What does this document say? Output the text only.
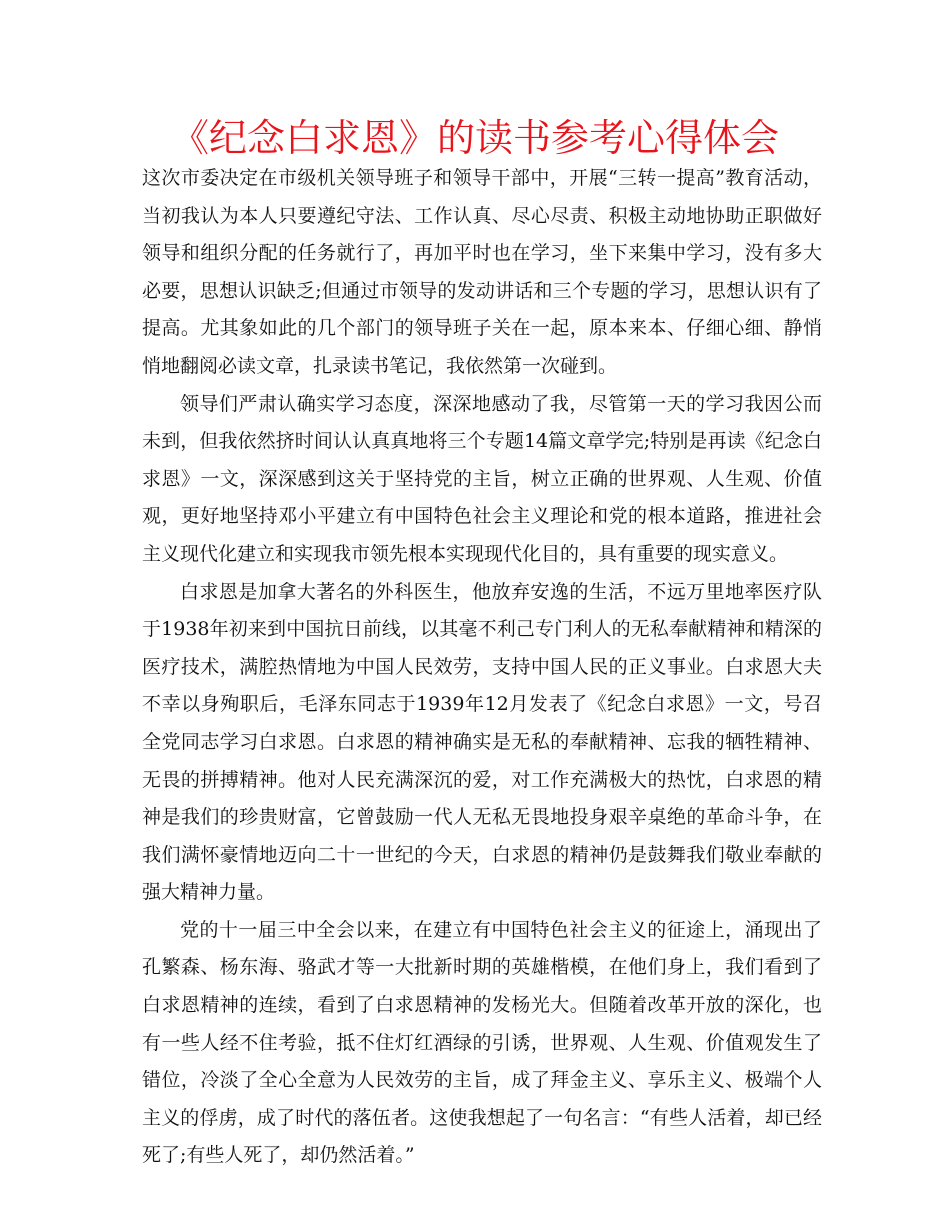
《纪念白求恩》的读书参考心得体会

这次市委决定在市级机关领导班子和领导干部中，开展“三转一提高”教育活动，当初我认为本人只要遵纪守法、工作认真、尽心尽责、积极主动地协助正职做好领导和组织分配的任务就行了，再加平时也在学习，坐下来集中学习，没有多大必要，思想认识缺乏;但通过市领导的发动讲话和三个专题的学习，思想认识有了提高。尤其象如此的几个部门的领导班子关在一起，原本来本、仔细心细、静悄悄地翻阅必读文章，扎录读书笔记，我依然第一次碰到。

领导们严肃认确实学习态度，深深地感动了我，尽管第一天的学习我因公而未到，但我依然挤时间认认真真地将三个专题14篇文章学完;特别是再读《纪念白求恩》一文，深深感到这关于坚持党的主旨，树立正确的世界观、人生观、价值观，更好地坚持邓小平建立有中国特色社会主义理论和党的根本道路，推进社会主义现代化建立和实现我市领先根本实现现代化目的，具有重要的现实意义。

白求恩是加拿大著名的外科医生，他放弃安逸的生活，不远万里地率医疗队于1938年初来到中国抗日前线，以其毫不利己专门利人的无私奉献精神和精深的医疗技术，满腔热情地为中国人民效劳，支持中国人民的正义事业。白求恩大夫不幸以身殉职后，毛泽东同志于1939年12月发表了《纪念白求恩》一文，号召全党同志学习白求恩。白求恩的精神确实是无私的奉献精神、忘我的牺牲精神、无畏的拼搏精神。他对人民充满深沉的爱，对工作充满极大的热忱，白求恩的精神是我们的珍贵财富，它曾鼓励一代人无私无畏地投身艰辛桌绝的革命斗争，在我们满怀豪情地迈向二十一世纪的今天，白求恩的精神仍是鼓舞我们敬业奉献的强大精神力量。

党的十一届三中全会以来，在建立有中国特色社会主义的征途上，涌现出了孔繁森、杨东海、骆武才等一大批新时期的英雄楷模，在他们身上，我们看到了白求恩精神的连续，看到了白求恩精神的发杨光大。但随着改革开放的深化，也有一些人经不住考验，抵不住灯红酒绿的引诱，世界观、人生观、价值观发生了错位，冷淡了全心全意为人民效劳的主旨，成了拜金主义、享乐主义、极端个人主义的俘虏，成了时代的落伍者。这使我想起了一句名言：“有些人活着，却已经死了;有些人死了，却仍然活着。”
